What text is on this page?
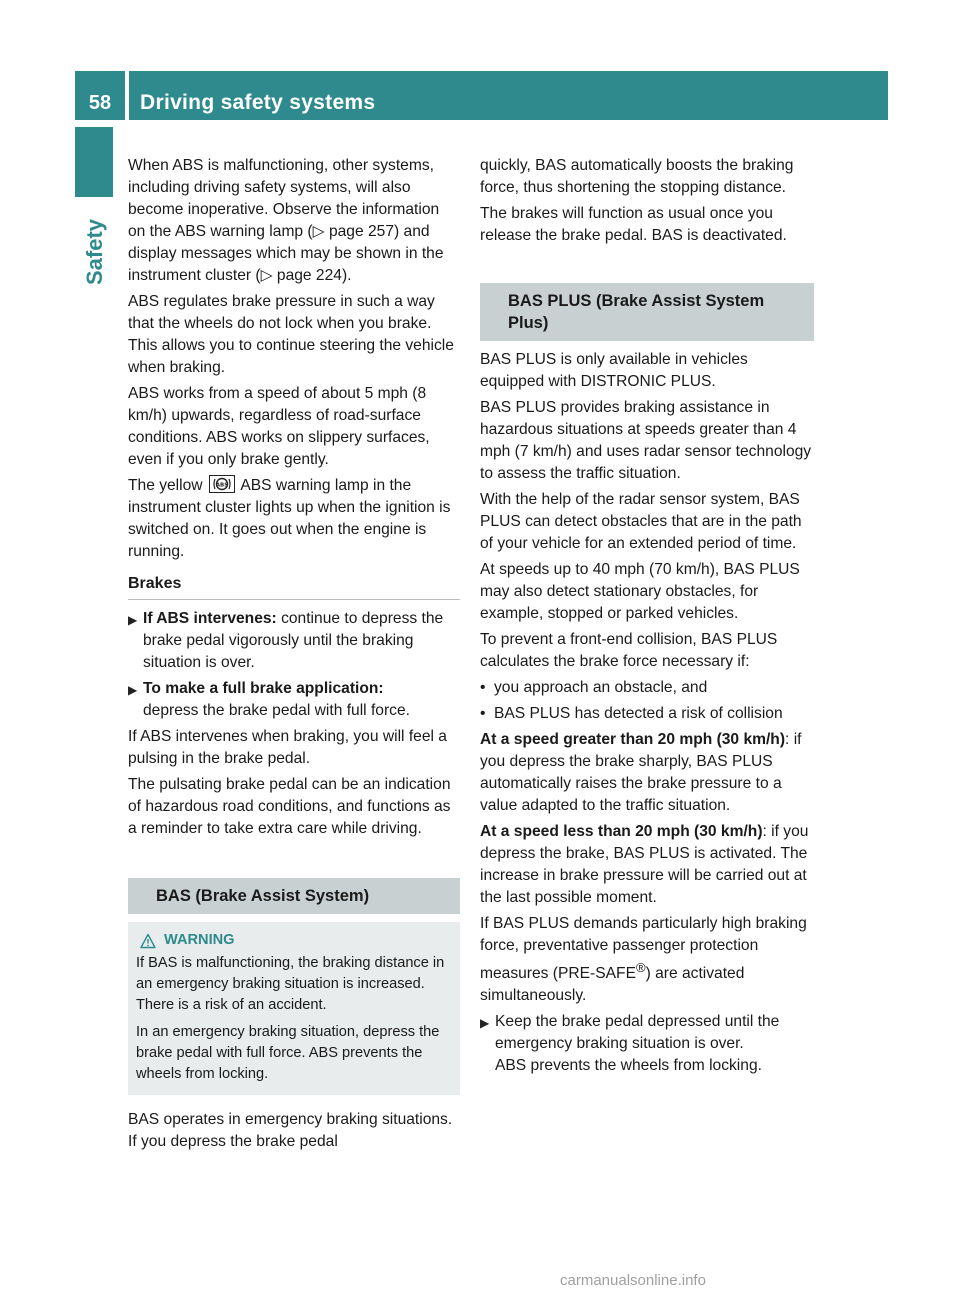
58	Driving safety systems
Safety

When ABS is malfunctioning, other systems, including driving safety systems, will also become inoperative. Observe the information on the ABS warning lamp (▷ page 257) and display messages which may be shown in the instrument cluster (▷ page 224).

ABS regulates brake pressure in such a way that the wheels do not lock when you brake. This allows you to continue steering the vehicle when braking.

ABS works from a speed of about 5 mph (8 km/h) upwards, regardless of road-surface conditions. ABS works on slippery surfaces, even if you only brake gently.

The yellow ABS ABS warning lamp in the instrument cluster lights up when the ignition is switched on. It goes out when the engine is running.

Brakes
▶ If ABS intervenes: continue to depress the brake pedal vigorously until the braking situation is over.
▶ To make a full brake application:
depress the brake pedal with full force.

If ABS intervenes when braking, you will feel a pulsing in the brake pedal.

The pulsating brake pedal can be an indication of hazardous road conditions, and functions as a reminder to take extra care while driving.

BAS (Brake Assist System)
WARNING

If BAS is malfunctioning, the braking distance in an emergency braking situation is increased. There is a risk of an accident.

In an emergency braking situation, depress the brake pedal with full force. ABS prevents the wheels from locking.

BAS operates in emergency braking situations. If you depress the brake pedal

quickly, BAS automatically boosts the braking force, thus shortening the stopping distance.

The brakes will function as usual once you release the brake pedal. BAS is deactivated.

BAS PLUS (Brake Assist System Plus)

BAS PLUS is only available in vehicles equipped with DISTRONIC PLUS.

BAS PLUS provides braking assistance in hazardous situations at speeds greater than 4 mph (7 km/h) and uses radar sensor technology to assess the traffic situation.

With the help of the radar sensor system, BAS PLUS can detect obstacles that are in the path of your vehicle for an extended period of time.

At speeds up to 40 mph (70 km/h), BAS PLUS may also detect stationary obstacles, for example, stopped or parked vehicles.

To prevent a front-end collision, BAS PLUS calculates the brake force necessary if:

• you approach an obstacle, and
• BAS PLUS has detected a risk of collision

At a speed greater than 20 mph (30 km/h): if you depress the brake sharply, BAS PLUS automatically raises the brake pressure to a value adapted to the traffic situation.

At a speed less than 20 mph (30 km/h): if you depress the brake, BAS PLUS is activated. The increase in brake pressure will be carried out at the last possible moment.

If BAS PLUS demands particularly high braking force, preventative passenger protection measures (PRE-SAFE®) are activated simultaneously.

▶ Keep the brake pedal depressed until the emergency braking situation is over.
ABS prevents the wheels from locking.
carmanualsonline.info
